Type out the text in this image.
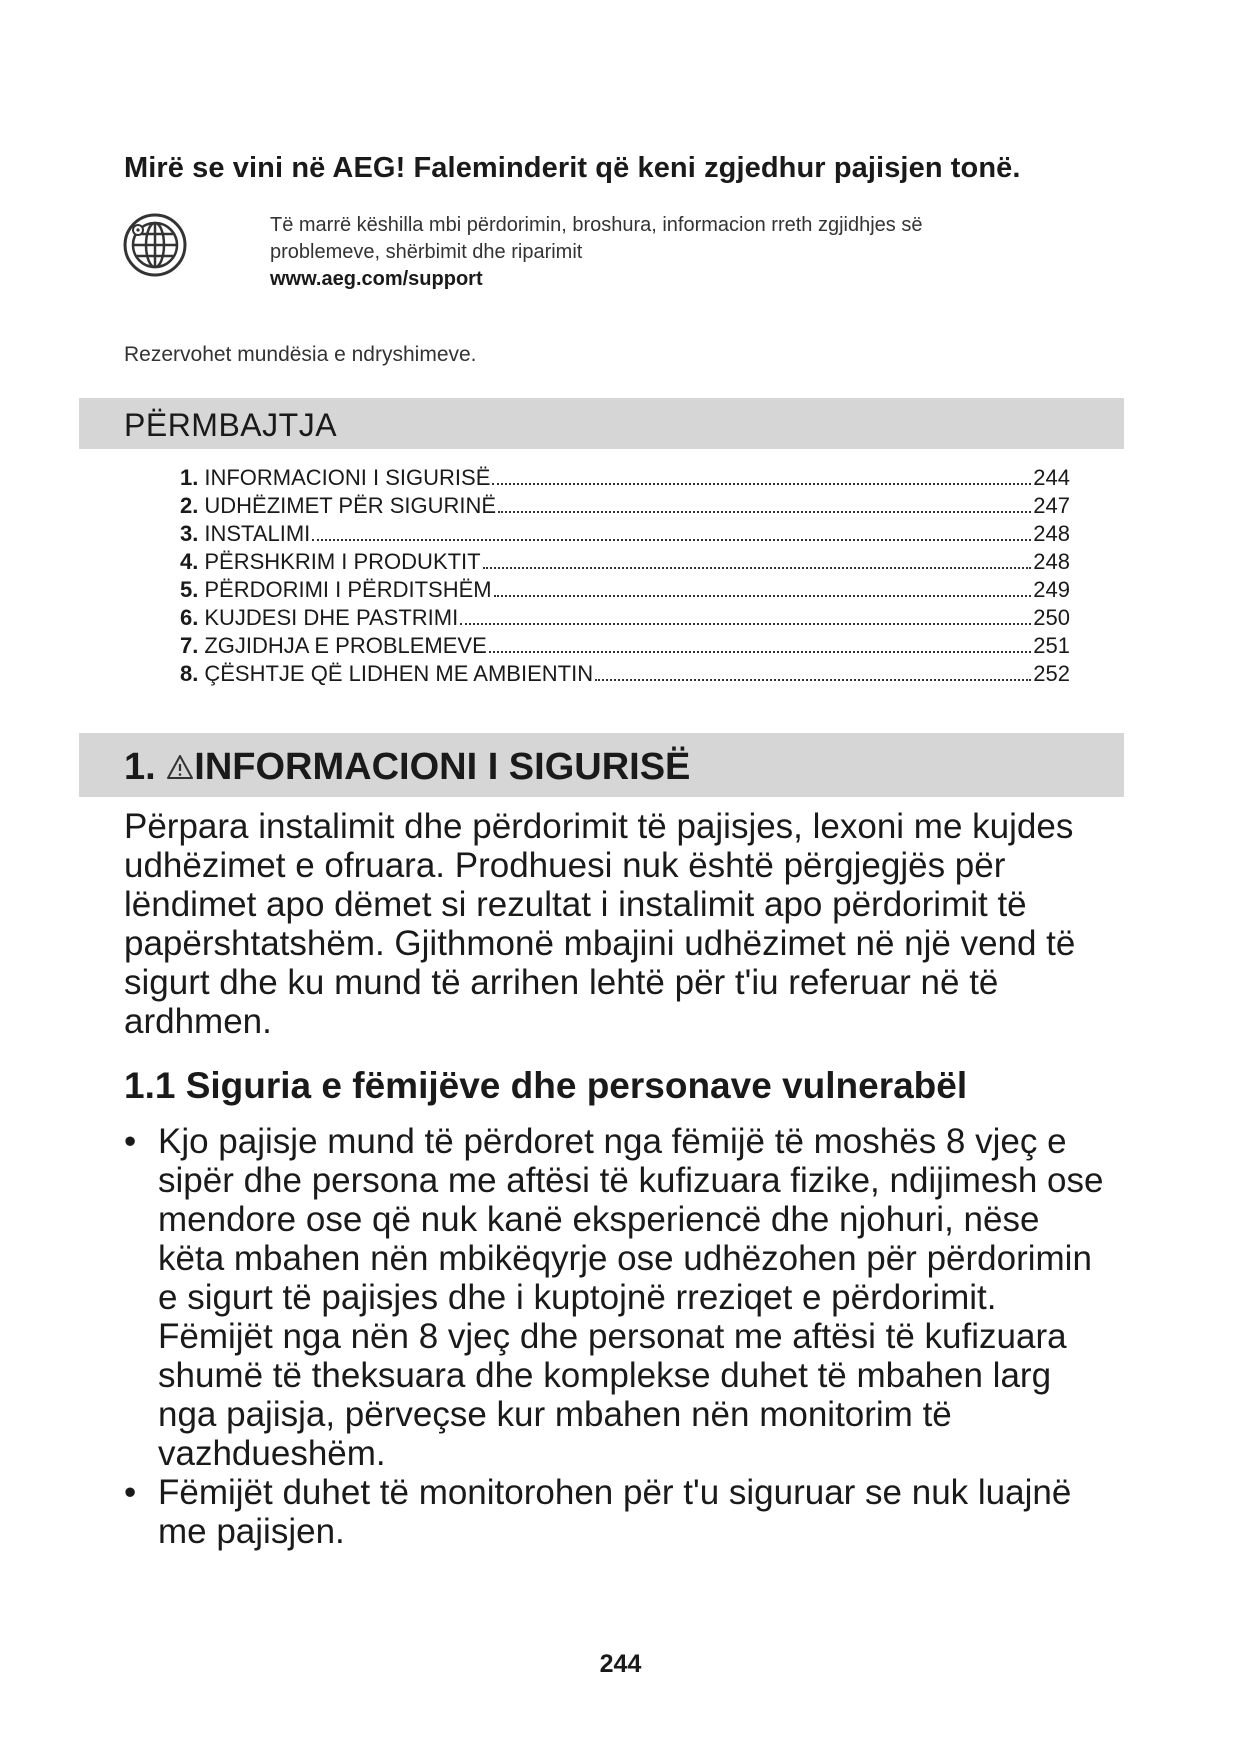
Mirë se vini në AEG! Faleminderit që keni zgjedhur pajisjen tonë.
Të marrë këshilla mbi përdorimin, broshura, informacion rreth zgjidhjes së
problemeve, shërbimit dhe riparimit
www.aeg.com/support
Rezervohet mundësia e ndryshimeve.
PËRMBAJTJA
1. INFORMACIONI I SIGURISË	244
2. UDHËZIMET PËR SIGURINË	247
3. INSTALIMI	248
4. PËRSHKRIM I PRODUKTIT	248
5. PËRDORIMI I PËRDITSHËM	249
6. KUJDESI DHE PASTRIMI	250
7. ZGJIDHJA E PROBLEMEVE	251
8. ÇËSHTJE QË LIDHEN ME AMBIENTIN	252
1. INFORMACIONI I SIGURISË

Përpara instalimit dhe përdorimit të pajisjes, lexoni me kujdes udhëzimet e ofruara. Prodhuesi nuk është përgjegjës për lëndimet apo dëmet si rezultat i instalimit apo përdorimit të papërshtatshëm. Gjithmonë mbajini udhëzimet në një vend të sigurt dhe ku mund të arrihen lehtë për t'iu referuar në të ardhmen.

1.1 Siguria e fëmijëve dhe personave vulnerabël
• Kjo pajisje mund të përdoret nga fëmijë të moshës 8 vjeç e sipër dhe persona me aftësi të kufizuara fizike, ndijimesh ose mendore ose që nuk kanë eksperiencë dhe njohuri, nëse këta mbahen nën mbikëqyrje ose udhëzohen për përdorimin e sigurt të pajisjes dhe i kuptojnë rreziqet e përdorimit. Fëmijët nga nën 8 vjeç dhe personat me aftësi të kufizuara shumë të theksuara dhe komplekse duhet të mbahen larg nga pajisja, përveçse kur mbahen nën monitorim të vazhdueshëm.
• Fëmijët duhet të monitorohen për t'u siguruar se nuk luajnë me pajisjen.
244
